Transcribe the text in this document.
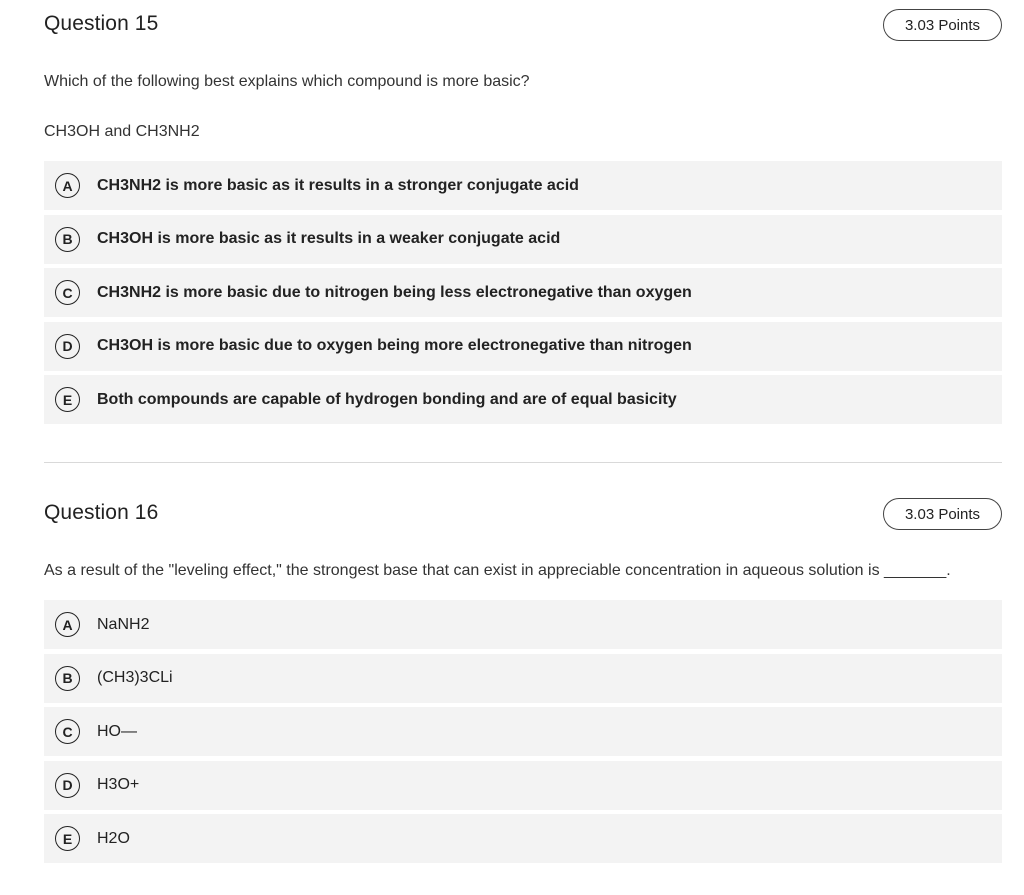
Question 15	3.03 Points

Which of the following best explains which compound is more basic?

CH3OH and CH3NH2

A	CH3NH2 is more basic as it results in a stronger conjugate acid
B	CH3OH is more basic as it results in a weaker conjugate acid
C	CH3NH2 is more basic due to nitrogen being less electronegative than oxygen
D	CH3OH is more basic due to oxygen being more electronegative than nitrogen
E	Both compounds are capable of hydrogen bonding and are of equal basicity
Question 16	3.03 Points

As a result of the "leveling effect," the strongest base that can exist in appreciable concentration in aqueous solution is _______.

A	NaNH2
B	(CH3)3CLi
C	HO—
D	H3O+
E	H2O
